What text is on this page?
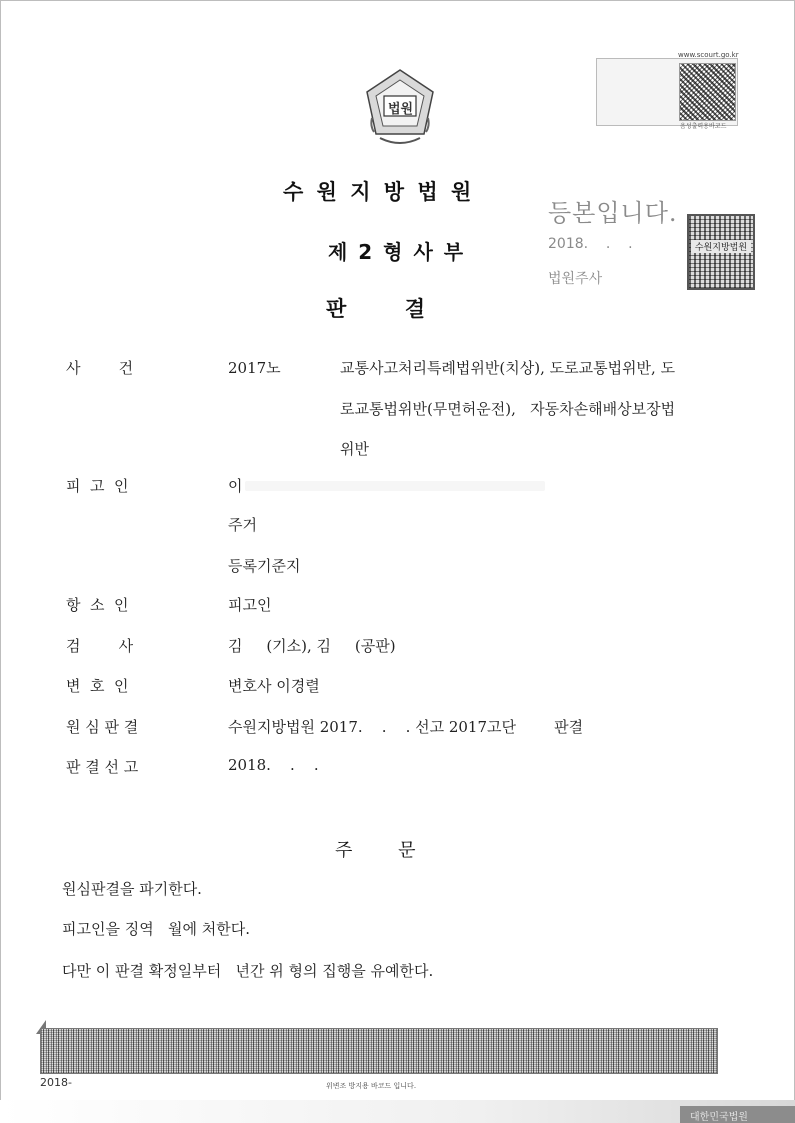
www.scourt.go.kr
음성출력용바코드
법원
수 원 지 방 법 원
제 2 형 사 부
판        결
등본입니다.
2018.    .    .
법원주사
수원지방법원
사        건	2017노	교통사고처리특례법위반(치상), 도로교통법위반, 도
로교통법위반(무면허운전),   자동차손해배상보장법
위반
피  고  인	이
주거
등록기준지
항  소  인	피고인
검        사	김     (기소), 김     (공판)
변  호  인	변호사 이경렬
원 심 판 결	수원지방법원 2017.    .    . 선고 2017고단        판결
판 결 선 고	2018.    .    .
주        문
원심판결을 파기한다.
피고인을 징역   월에 처한다.
다만 이 판결 확정일부터   년간 위 형의 집행을 유예한다.
2018-	위변조 방지용 바코드 입니다.
대한민국법원
